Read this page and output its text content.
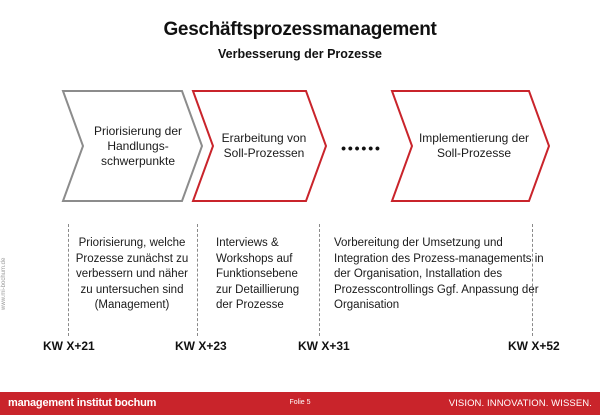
Geschäftsprozessmanagement
Verbesserung der Prozesse
Priorisierung der Handlungs-schwerpunkte
Erarbeitung von Soll-Prozessen
Implementierung der Soll-Prozesse
• • • • • •
Priorisierung, welche Prozesse zunächst zu verbessern und näher zu untersuchen sind (Management)
Interviews & Workshops auf Funktionsebene zur Detaillierung der Prozesse
Vorbereitung der Umsetzung und Integration des Prozess-managements in der Organisation, Installation des Prozesscontrollings Ggf. Anpassung der Organisation
KW X+21	KW X+23	KW X+31	KW X+52
www.mi-bochum.de
management institut bochum	Folie 5	VISION. INNOVATION. WISSEN.
